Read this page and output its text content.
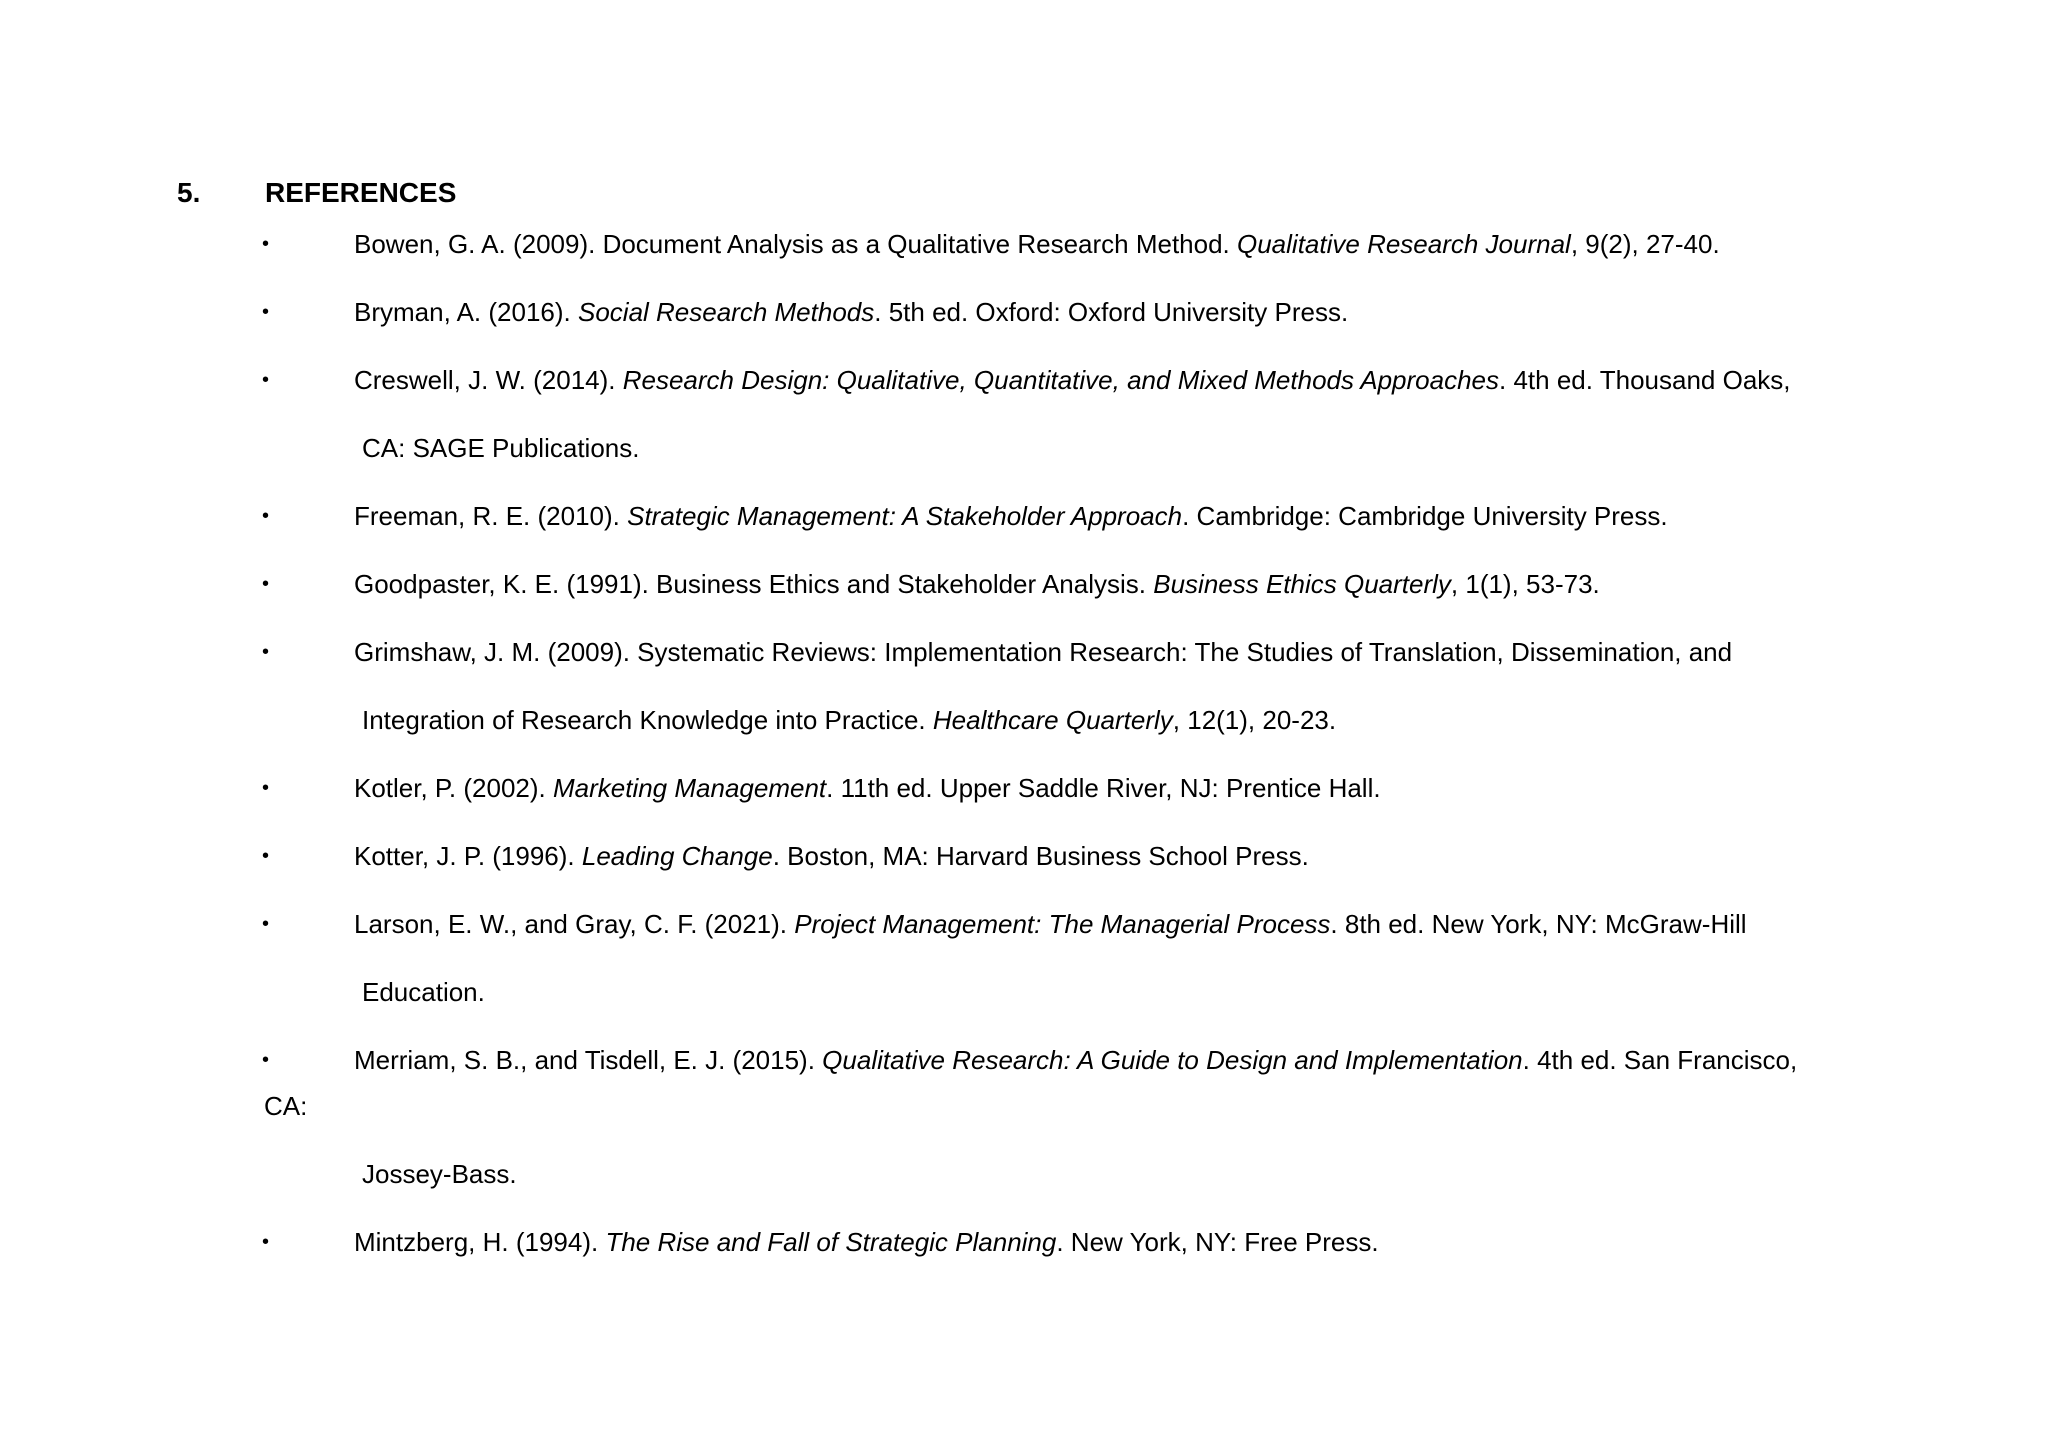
5. REFERENCES
•	Bowen, G. A. (2009). Document Analysis as a Qualitative Research Method. Qualitative Research Journal, 9(2), 27-40.
•	Bryman, A. (2016). Social Research Methods. 5th ed. Oxford: Oxford University Press.
•	Creswell, J. W. (2014). Research Design: Qualitative, Quantitative, and Mixed Methods Approaches. 4th ed. Thousand Oaks,
CA: SAGE Publications.
•	Freeman, R. E. (2010). Strategic Management: A Stakeholder Approach. Cambridge: Cambridge University Press.
•	Goodpaster, K. E. (1991). Business Ethics and Stakeholder Analysis. Business Ethics Quarterly, 1(1), 53-73.
•	Grimshaw, J. M. (2009). Systematic Reviews: Implementation Research: The Studies of Translation, Dissemination, and
Integration of Research Knowledge into Practice. Healthcare Quarterly, 12(1), 20-23.
•	Kotler, P. (2002). Marketing Management. 11th ed. Upper Saddle River, NJ: Prentice Hall.
•	Kotter, J. P. (1996). Leading Change. Boston, MA: Harvard Business School Press.
•	Larson, E. W., and Gray, C. F. (2021). Project Management: The Managerial Process. 8th ed. New York, NY: McGraw-Hill
Education.
•	Merriam, S. B., and Tisdell, E. J. (2015). Qualitative Research: A Guide to Design and Implementation. 4th ed. San Francisco,
CA:
Jossey-Bass.
•	Mintzberg, H. (1994). The Rise and Fall of Strategic Planning. New York, NY: Free Press.
